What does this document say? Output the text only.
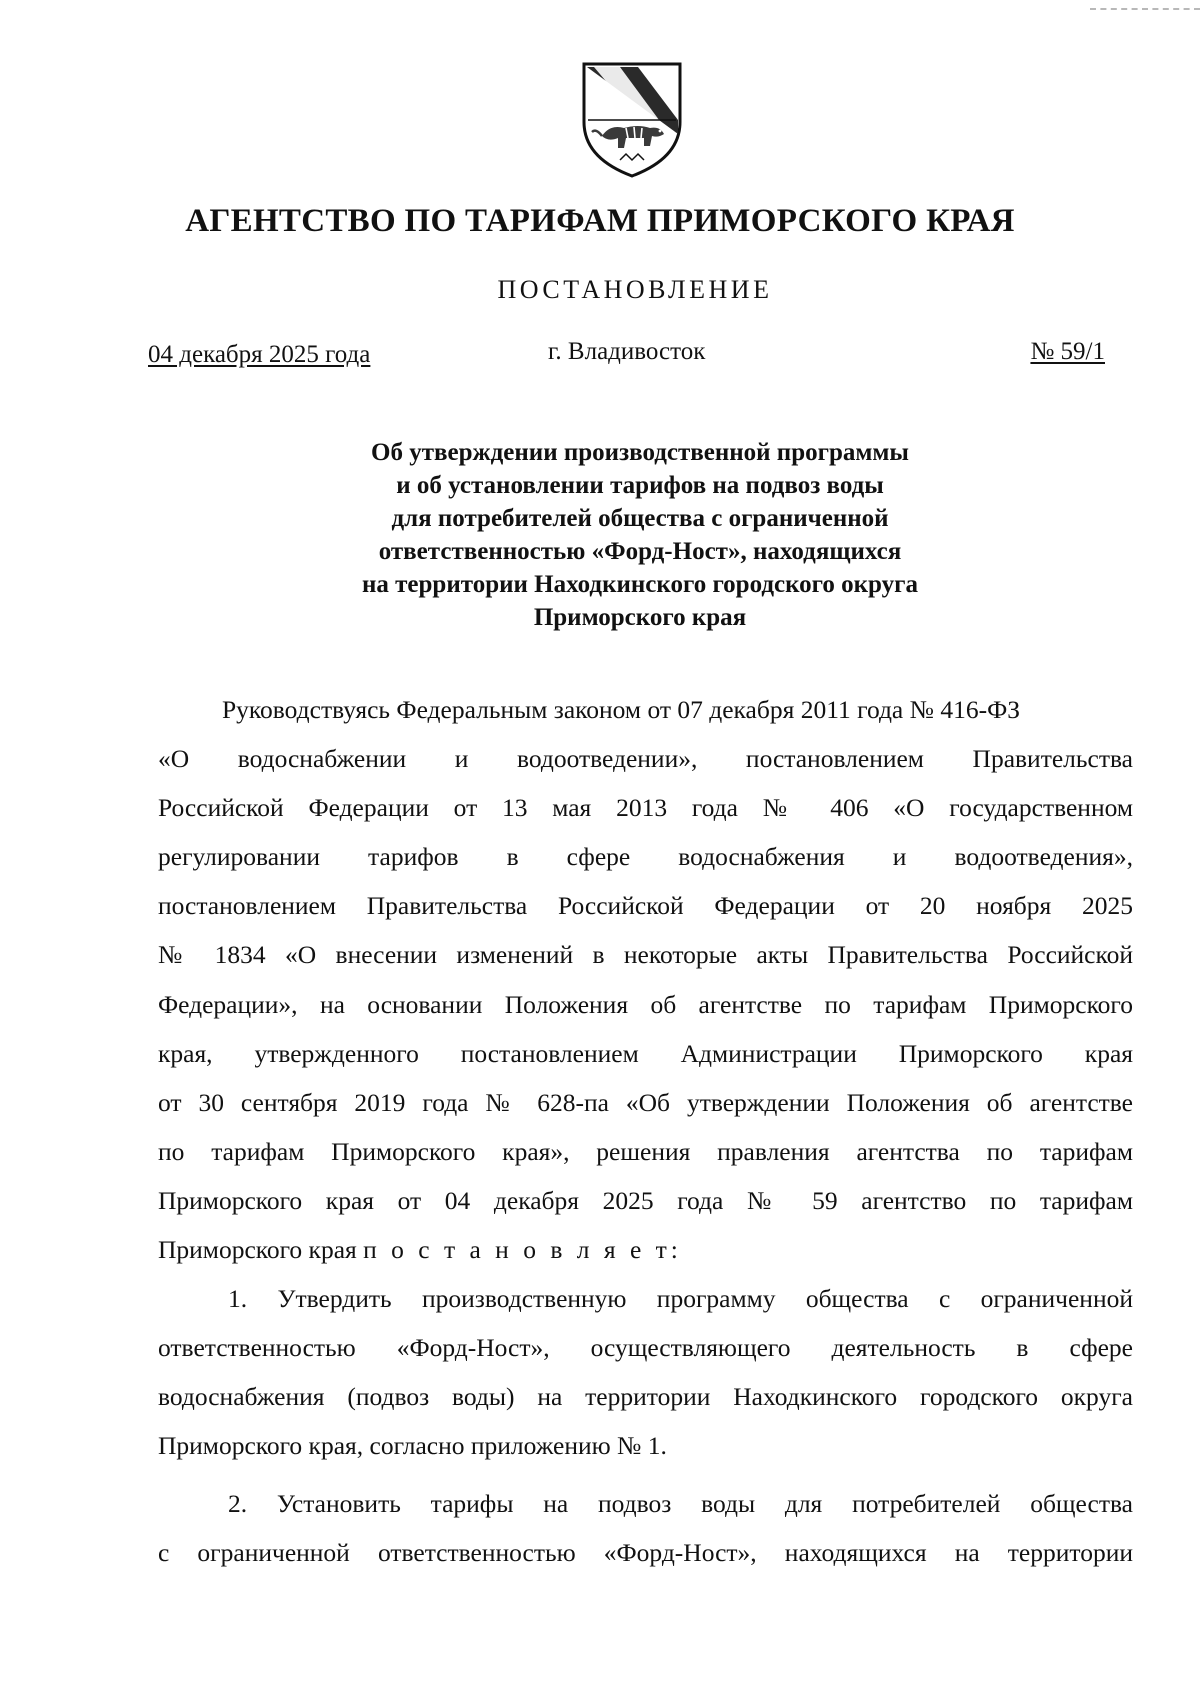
АГЕНТСТВО ПО ТАРИФАМ ПРИМОРСКОГО КРАЯ
ПОСТАНОВЛЕНИЕ
04 декабря 2025 года	г. Владивосток	№ 59/1
Об утверждении производственной программы
и об установлении тарифов на подвоз воды
для потребителей общества с ограниченной
ответственностью «Форд-Ност», находящихся
на территории Находкинского городского округа
Приморского края
Руководствуясь Федеральным законом от 07 декабря 2011 года № 416-ФЗ
«О водоснабжении и водоотведении», постановлением Правительства
Российской Федерации от 13 мая 2013 года № 406 «О государственном
регулировании тарифов в сфере водоснабжения и водоотведения»,
постановлением Правительства Российской Федерации от 20 ноября 2025
№ 1834 «О внесении изменений в некоторые акты Правительства Российской
Федерации», на основании Положения об агентстве по тарифам Приморского
края, утвержденного постановлением Администрации Приморского края
от 30 сентября 2019 года № 628-па «Об утверждении Положения об агентстве
по тарифам Приморского края», решения правления агентства по тарифам
Приморского края от 04 декабря 2025 года № 59 агентство по тарифам
Приморского края п о с т а н о в л я е т:
1. Утвердить производственную программу общества с ограниченной
ответственностью «Форд-Ност», осуществляющего деятельность в сфере
водоснабжения (подвоз воды) на территории Находкинского городского округа
Приморского края, согласно приложению № 1.
2. Установить тарифы на подвоз воды для потребителей общества
с ограниченной ответственностью «Форд-Ност», находящихся на территории
